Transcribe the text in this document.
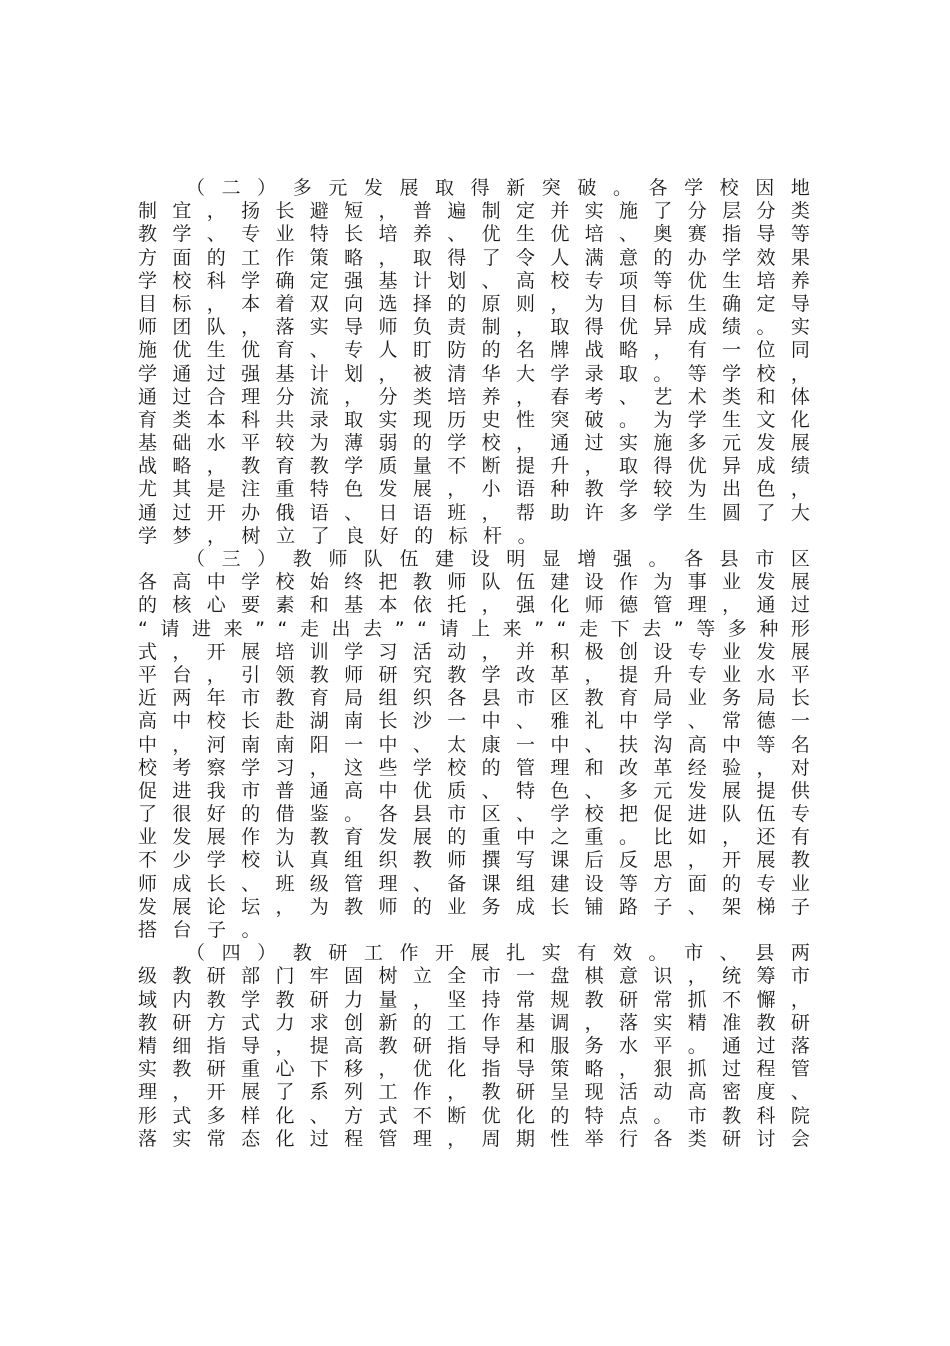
（ 二 ） 多 元 发 展 取 得 新 突 破 。 各 学 校 因 地
制 宜 ， 扬 长 避 短 ， 普 遍 制 定 并 实 施 了 分 层 分 类
教 学 、 专 业 特 长 培 养 、 优 生 优 培 、 奥 赛 指 导 等
方 面 的 工 作 策 略 ， 取 得 了 令 人 满 意 的 办 学 效 果
学 校 科 学 确 定 强 基 计 划 、 高 校 专 项 等 优 生 培 养
目 标 ， 本 着 双 向 选 择 的 原 则 ， 为 目 标 生 确 定 导
师 团 队 ， 落 实 导 师 负 责 制 ， 取 得 优 异 成 绩 。 实
施 优 生 优 育 、 专 人 盯 防 的 名 牌 战 略 ， 有 一 位 同
学 通 过 强 基 计 划 ， 被 清 华 大 学 录 取 。 等 学 校 ，
通 过 合 理 分 流 ， 分 类 培 养 ， 春 考 、 艺 术 类 和 体
育 类 本 科 共 录 取 实 现 历 史 性 突 破 。 为 学 生 文 化
基 础 水 平 较 为 薄 弱 的 学 校 ， 通 过 实 施 多 元 发 展
战 略 ， 教 育 教 学 质 量 不 断 提 升 ， 取 得 优 异 成 绩
尤 其 是 注 重 特 色 发 展 ， 小 语 种 教 学 较 为 出 色 ，
通 过 开 办 俄 语 、 日 语 班 ， 帮 助 许 多 学 生 圆 了 大
学 梦 ， 树 立 了 良 好 的 标 杆 。
（ 三 ） 教 师 队 伍 建 设 明 显 增 强 。 各 县 市 区
各 高 中 学 校 始 终 把 教 师 队 伍 建 设 作 为 事 业 发 展
的 核 心 要 素 和 基 本 依 托 ， 强 化 师 德 管 理 ， 通 过
“ 请 进 来 ” “ 走 出 去 ” “ 请 上 来 ” “ 走 下 去 ” 等 多 种 形
式 ， 开 展 培 训 学 习 活 动 ， 并 积 极 创 设 专 业 发 展
平 台 ， 引 领 教 师 研 究 教 学 改 革 ， 提 升 专 业 水 平
近 两 年 市 教 育 局 组 织 各 县 市 区 教 育 局 业 务 局 长
高 中 校 长 赴 湖 南 长 沙 一 中 、 雅 礼 中 学 、 常 德 一
中 ， 河 南 南 阳 一 中 、 太 康 一 中 、 扶 沟 高 中 等 名
校 考 察 学 习 ， 这 些 学 校 的 管 理 和 改 革 经 验 ， 对
促 进 我 市 普 通 高 中 优 质 、 特 色 、 多 元 发 展 提 供
了 很 好 的 借 鉴 。 各 县 市 区 、 学 校 把 促 进 队 伍 专
业 发 展 作 为 教 育 发 展 的 重 中 之 重 。 比 如 ， 还 有
不 少 学 校 认 真 组 织 教 师 撰 写 课 后 反 思 ， 开 展 教
师 成 长 、 班 级 管 理 、 备 课 组 建 设 等 方 面 的 专 业
发 展 论 坛 ， 为 教 师 的 业 务 成 长 铺 路 子 、 架 梯 子
搭 台 子 。
（ 四 ） 教 研 工 作 开 展 扎 实 有 效 。 市 、 县 两
级 教 研 部 门 牢 固 树 立 全 市 一 盘 棋 意 识 ， 统 筹 市
域 内 教 学 教 研 力 量 ， 坚 持 常 规 教 研 常 抓 不 懈 ，
教 研 方 式 力 求 创 新 的 工 作 基 调 ， 落 实 精 准 教 研
精 细 指 导 ， 提 高 教 研 指 导 和 服 务 水 平 。 通 过 落
实 教 研 重 心 下 移 ， 优 化 指 导 策 略 ， 狠 抓 过 程 管
理 ， 开 展 了 系 列 工 作 ， 教 研 呈 现 活 动 高 密 度 、
形 式 多 样 化 、 方 式 不 断 优 化 的 特 点 。 市 教 科 院
落 实 常 态 化 过 程 管 理 ， 周 期 性 举 行 各 类 研 讨 会
